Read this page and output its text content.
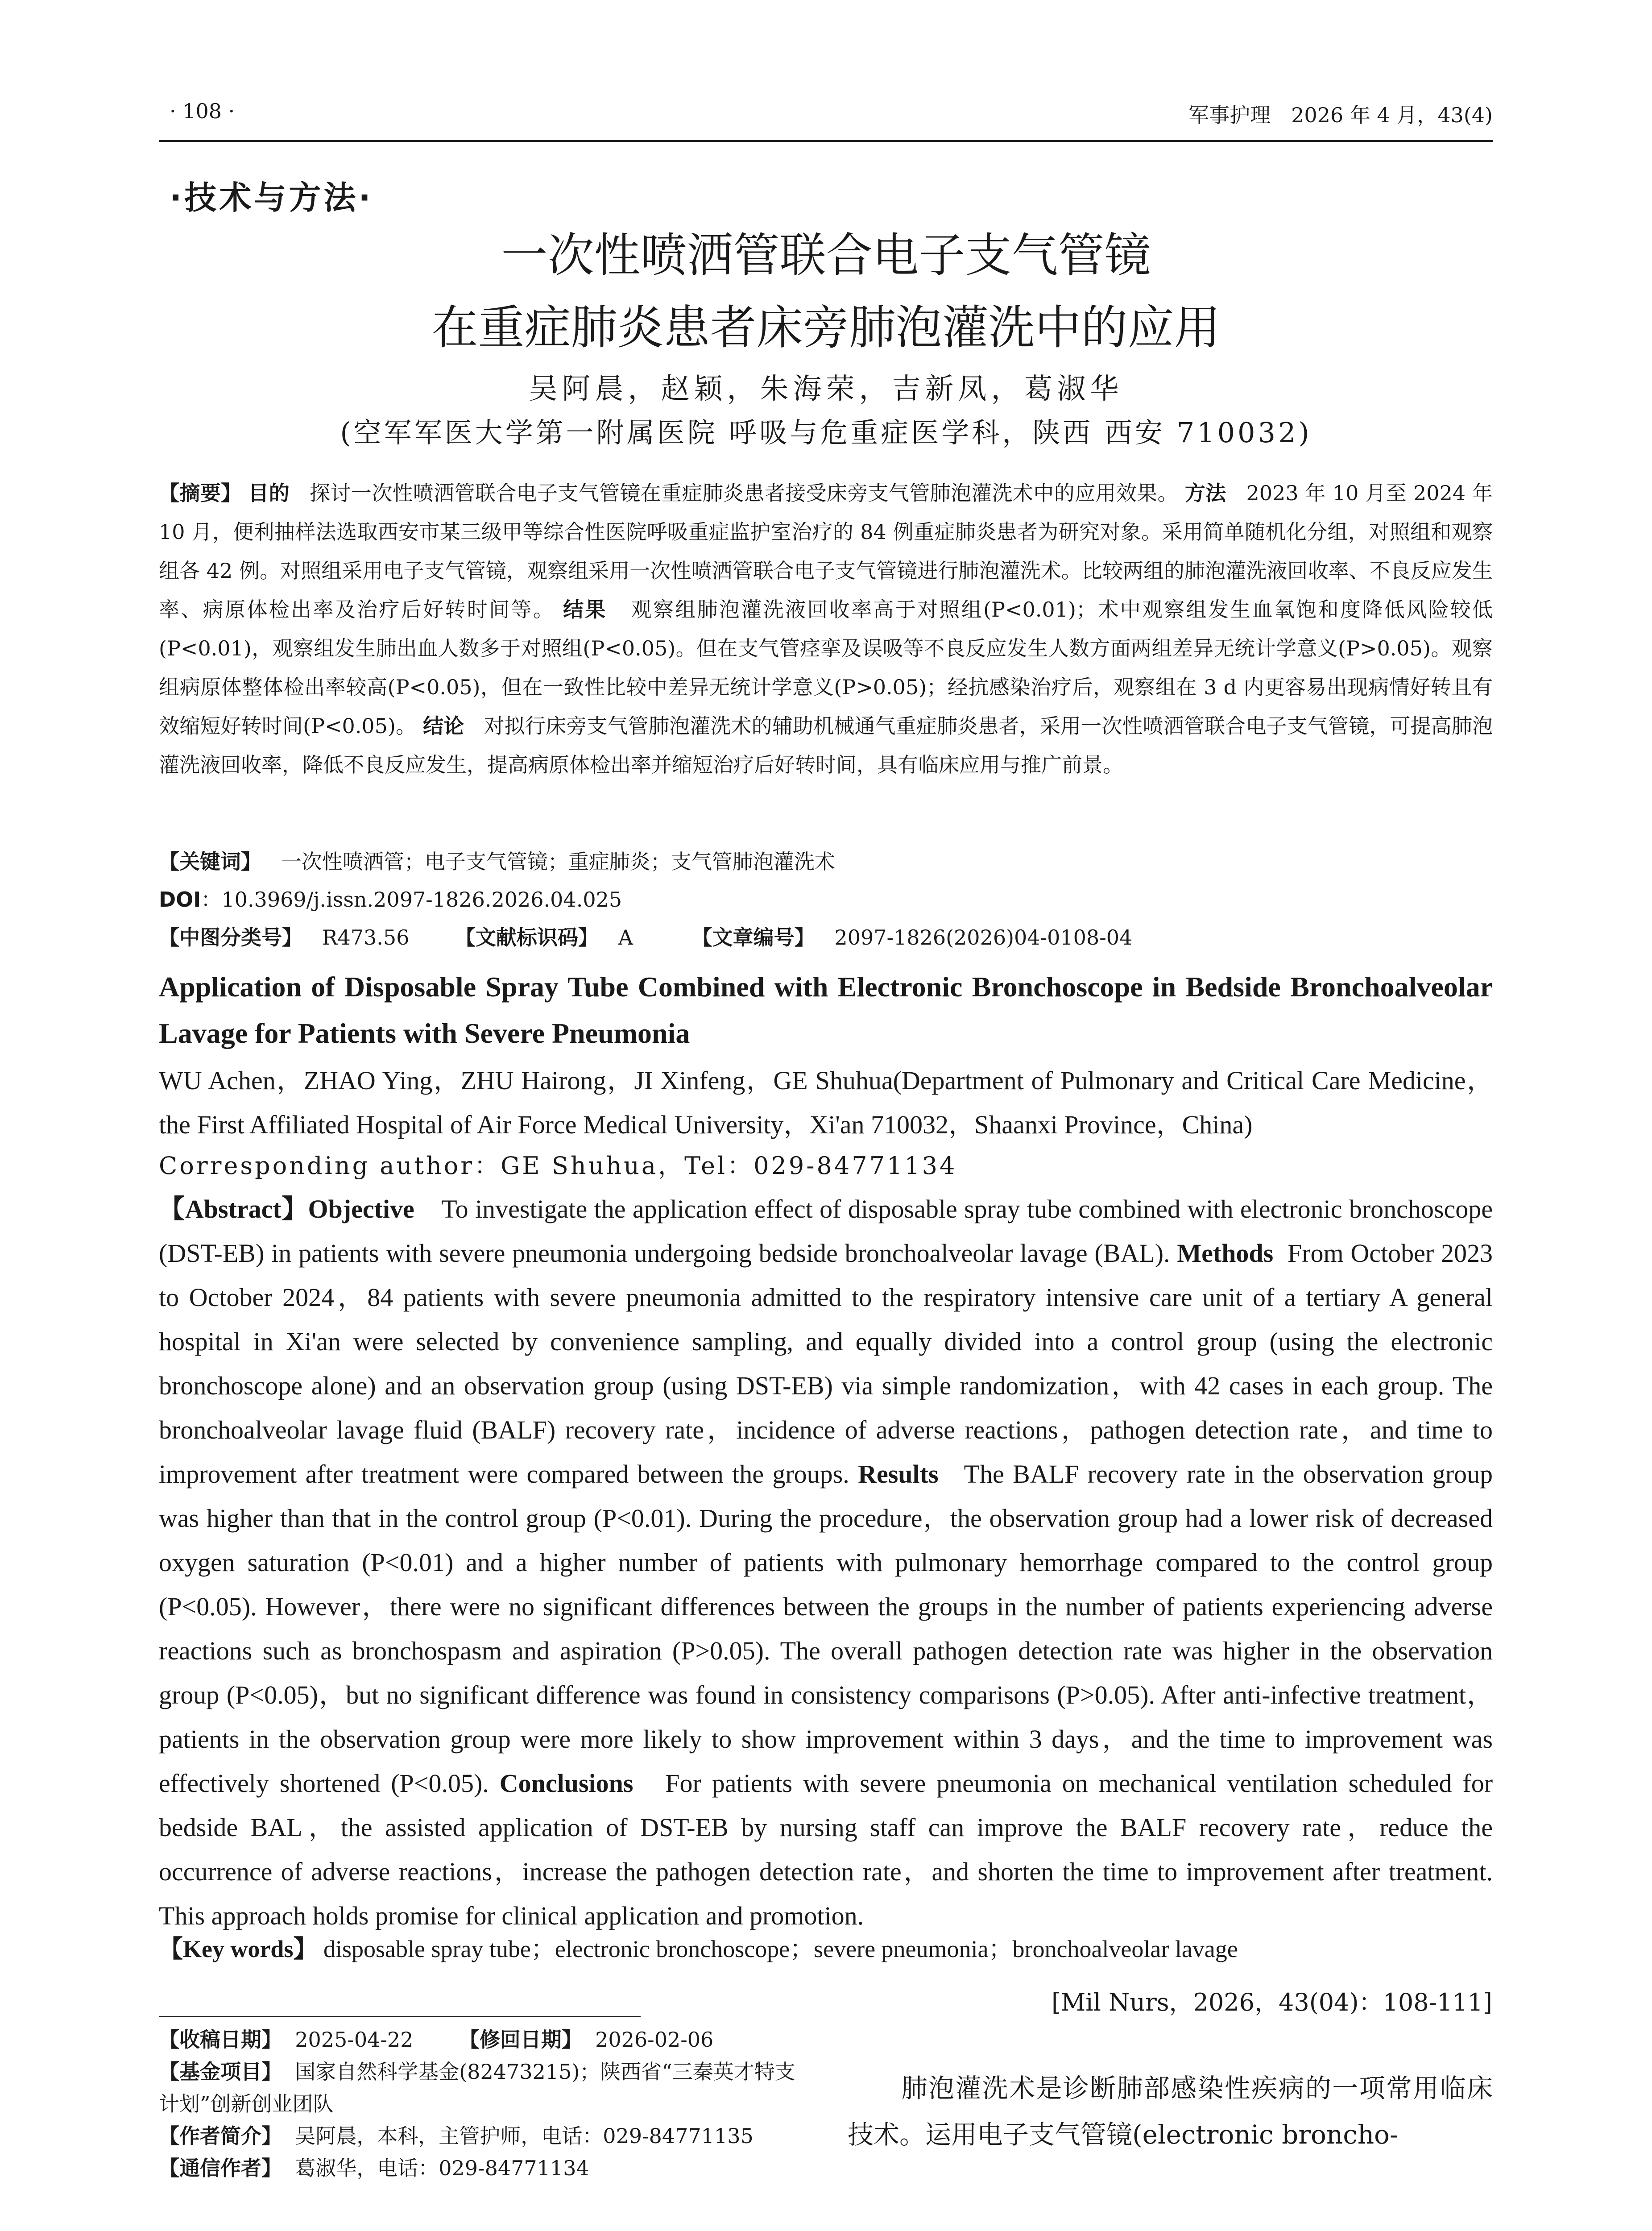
· 108 ·	军事护理　2026 年 4 月，43(4)
·技术与方法·
一次性喷洒管联合电子支气管镜
在重症肺炎患者床旁肺泡灌洗中的应用
吴阿晨，赵颖，朱海荣，吉新凤，葛淑华
(空军军医大学第一附属医院 呼吸与危重症医学科，陕西 西安 710032)
【摘要】 目的 探讨一次性喷洒管联合电子支气管镜在重症肺炎患者接受床旁支气管肺泡灌洗术中的应用效果。 方法 2023 年 10 月至 2024 年 10 月，便利抽样法选取西安市某三级甲等综合性医院呼吸重症监护室治疗的 84 例重症肺炎患者为研究对象。采用简单随机化分组，对照组和观察组各 42 例。对照组采用电子支气管镜，观察组采用一次性喷洒管联合电子支气管镜进行肺泡灌洗术。比较两组的肺泡灌洗液回收率、不良反应发生率、病原体检出率及治疗后好转时间等。 结果 观察组肺泡灌洗液回收率高于对照组(P<0.01)；术中观察组发生血氧饱和度降低风险较低(P<0.01)，观察组发生肺出血人数多于对照组(P<0.05)。但在支气管痉挛及误吸等不良反应发生人数方面两组差异无统计学意义(P>0.05)。观察组病原体整体检出率较高(P<0.05)，但在一致性比较中差异无统计学意义(P>0.05)；经抗感染治疗后，观察组在 3 d 内更容易出现病情好转且有效缩短好转时间(P<0.05)。 结论 对拟行床旁支气管肺泡灌洗术的辅助机械通气重症肺炎患者，采用一次性喷洒管联合电子支气管镜，可提高肺泡灌洗液回收率，降低不良反应发生，提高病原体检出率并缩短治疗后好转时间，具有临床应用与推广前景。
【关键词】 一次性喷洒管；电子支气管镜；重症肺炎；支气管肺泡灌洗术
DOI：10.3969/j.issn.2097-1826.2026.04.025
【中图分类号】 R473.56 【文献标识码】 A	【文章编号】 2097-1826(2026)04-0108-04
Application of Disposable Spray Tube Combined with Electronic Bronchoscope in Bedside Bronchoalveolar Lavage for Patients with Severe Pneumonia
WU Achen，ZHAO Ying，ZHU Hairong，JI Xinfeng，GE Shuhua(Department of Pulmonary and Critical Care Medicine，the First Affiliated Hospital of Air Force Medical University，Xi'an 710032，Shaanxi Province，China)
Corresponding author：GE Shuhua，Tel：029-84771134
【Abstract】Objective To investigate the application effect of disposable spray tube combined with electronic bronchoscope (DST-EB) in patients with severe pneumonia undergoing bedside bronchoalveolar lavage (BAL). Methods From October 2023 to October 2024，84 patients with severe pneumonia admitted to the respiratory intensive care unit of a tertiary A general hospital in Xi'an were selected by convenience sampling, and equally divided into a control group (using the electronic bronchoscope alone) and an observation group (using DST-EB) via simple randomization，with 42 cases in each group. The bronchoalveolar lavage fluid (BALF) recovery rate，incidence of adverse reactions，pathogen detection rate，and time to improvement after treatment were compared between the groups. Results The BALF recovery rate in the observation group was higher than that in the control group (P<0.01). During the procedure，the observation group had a lower risk of decreased oxygen saturation (P<0.01) and a higher number of patients with pulmonary hemorrhage compared to the control group (P<0.05). However，there were no significant differences between the groups in the number of patients experiencing adverse reactions such as bronchospasm and aspiration (P>0.05). The overall pathogen detection rate was higher in the observation group (P<0.05)，but no significant difference was found in consistency comparisons (P>0.05). After anti-infective treatment，patients in the observation group were more likely to show improvement within 3 days，and the time to improvement was effectively shortened (P<0.05). Conclusions For patients with severe pneumonia on mechanical ventilation scheduled for bedside BAL，the assisted application of DST-EB by nursing staff can improve the BALF recovery rate，reduce the occurrence of adverse reactions，increase the pathogen detection rate，and shorten the time to improvement after treatment. This approach holds promise for clinical application and promotion.
【Key words】 disposable spray tube；electronic bronchoscope；severe pneumonia；bronchoalveolar lavage
[Mil Nurs，2026，43(04)：108-111]
【收稿日期】 2025-04-22 【修回日期】 2026-02-06
【基金项目】 国家自然科学基金(82473215)；陕西省“三秦英才特支计划”创新创业团队
【作者简介】 吴阿晨，本科，主管护师，电话：029-84771135
【通信作者】 葛淑华，电话：029-84771134
　　肺泡灌洗术是诊断肺部感染性疾病的一项常用临床技术。运用电子支气管镜(electronic broncho-
